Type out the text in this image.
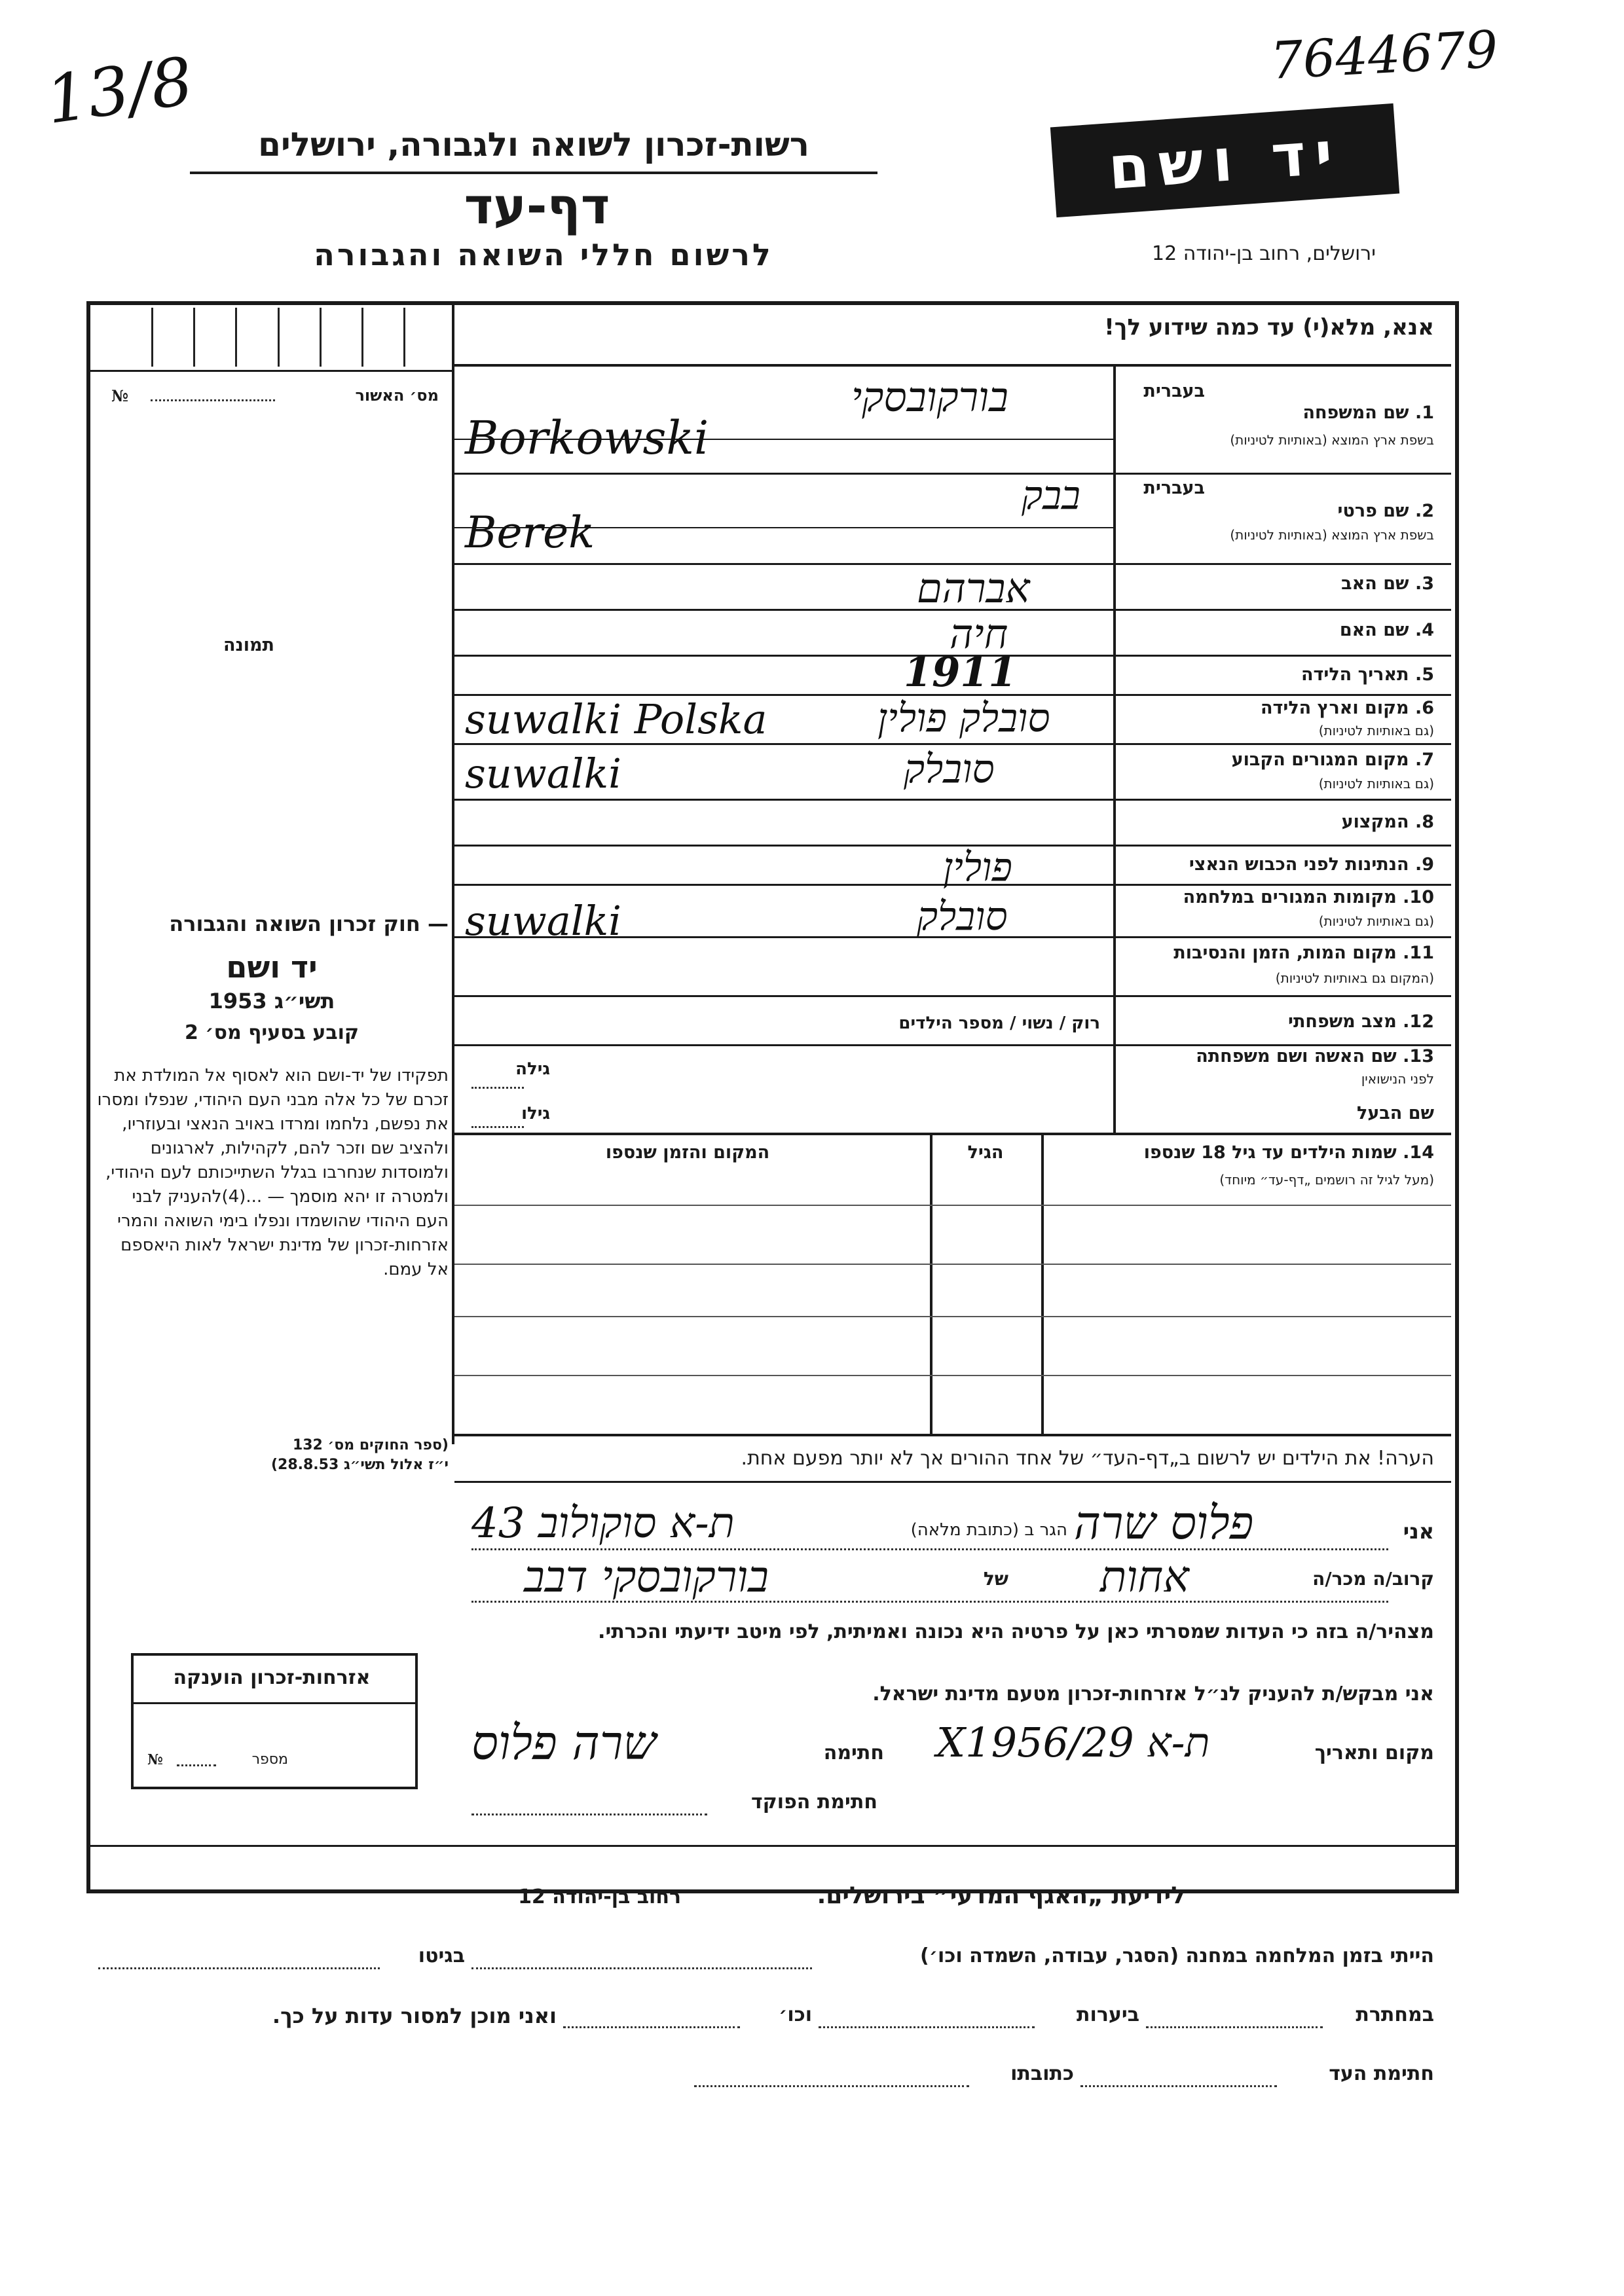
13/8	7644679
רשות-זכרון לשואה ולגבורה, ירושלים
דף-עד
לרשום חללי השואה והגבורה
יד ושם
ירושלים, רחוב בן-יהודה 12
מס׳ האשור
№
תמונה
— חוק זכרון השואה והגבורה
יד ושם
תשי״ג 1953
קובע בסעיף מס׳ 2
תפקידו של יד-ושם הוא לאסוף אל המולדת את זכרם של כל אלה מבני העם היהודי, שנפלו ומסרו את נפשם, נלחמו ומרדו באויב הנאצי ובעוזריו, ולהציב שם וזכר להם, לקהילות, לארגונים ולמוסדות שנחרבו בגלל השתייכותם לעם היהודי, ולמטרה זו יהא מוסמך — ...(4)להעניק לבני העם היהודי שהושמדו ונפלו בימי השואה והמרי אזרחות-זכרון של מדינת ישראל לאות היאספם אל עמם.
(ספר החוקים מס׳ 132
י״ז אלול תשי״ג 28.8.53)
אנא, מלא(י) עד כמה שידוע לך!
בעברית
1. שם המשפחה
בשפת ארץ המוצא (באותיות לטיניות)
בורקובסקי
Borkowski
בעברית
2. שם פרטי
בשפת ארץ המוצא (באותיות לטיניות)
בבק
Berek
3. שם האב
אברהם
4. שם האם
חיה
5. תאריך הלידה
1911
6. מקום וארץ הלידה
(גם באותיות לטיניות)
סובלק פולין
suwalki Polska
7. מקום המגורים הקבוע
(גם באותיות לטיניות)
סובלק
suwalki
8. המקצוע
9. הנתינות לפני הכבוש הנאצי
פולין
10. מקומות המגורים במלחמה
(גם באותיות לטיניות)
סובלק
suwalki
11. מקום המות, הזמן והנסיבות
(המקום גם באותיות לטיניות)
12. מצב משפחתי
רוק / נשוי / מספר הילדים
13. שם האשה ושם משפחתה
לפני הנישואין
גילה
שם הבעל
גילו
14. שמות הילדים עד גיל 18 שנספו
(מעל לגיל זה רושמים „דף-עד״ מיוחד)
הגיל
המקום והזמן שנספו
הערה! את הילדים יש לרשום ב„דף-העד״ של אחד ההורים אך לא יותר מפעם אחת.
אני
פלוס שרה
הגר ב (כתובת מלאה)
ת-א סוקולוב 43
קרוב/ה מכר/ה
אחות
של
בורקובסקי דבב
מצהיר/ה בזה כי העדות שמסרתי כאן על פרטיה היא נכונה ואמיתית, לפי מיטב ידיעתי והכרתי.
אני מבקש/ת להעניק לנ״ל אזרחות-זכרון מטעם מדינת ישראל.
מקום ותאריך
ת-א 29/X1956
חתימה
שרה פלוס
חתימת הפוקד
אזרחות-זכרון הוענקה
מספר
№
לידיעת „האגף המדעי״ בירושלים.
רחוב בן-יהודה 12
הייתי בזמן המלחמה במחנה (הסגר, עבודה, השמדה וכו׳)
בגיטו
במחתרת
ביערות
וכו׳
ואני מוכן למסור עדות על כך.
חתימת העד
כתובתו
